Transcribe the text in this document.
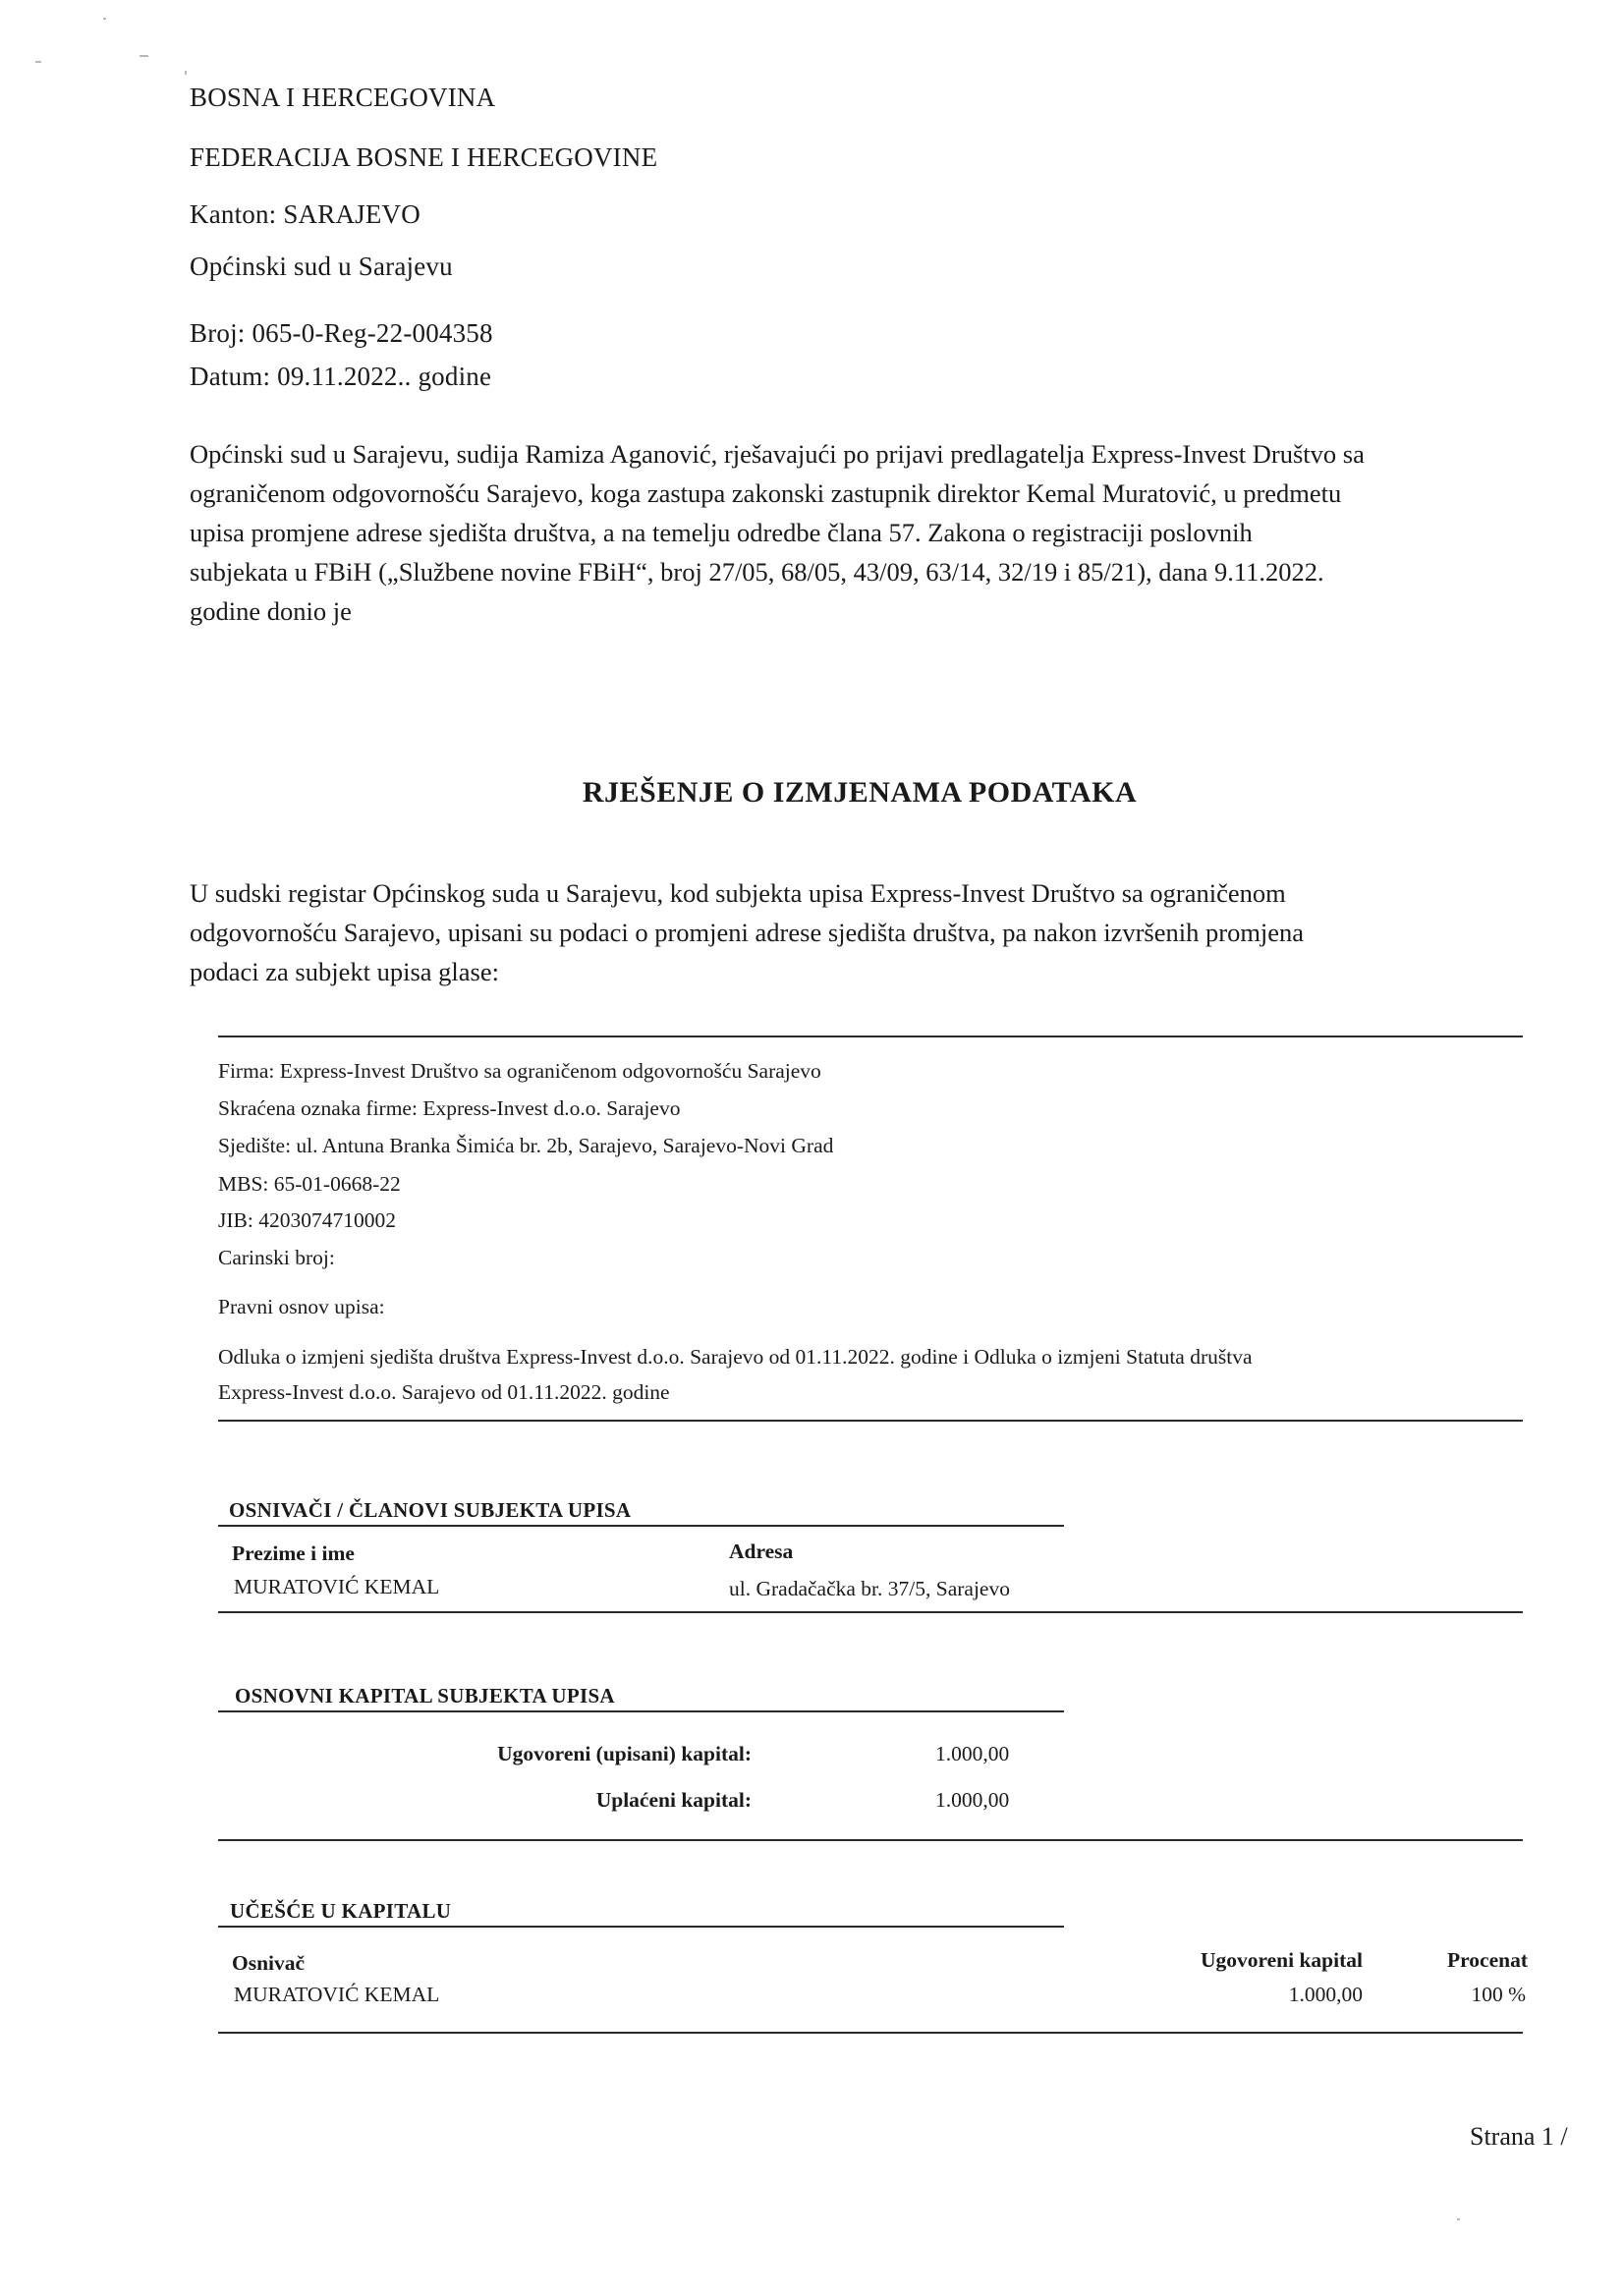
BOSNA I HERCEGOVINA
FEDERACIJA BOSNE I HERCEGOVINE
Kanton: SARAJEVO
Općinski sud u Sarajevu
Broj: 065-0-Reg-22-004358
Datum: 09.11.2022.. godine
Općinski sud u Sarajevu, sudija Ramiza Aganović, rješavajući po prijavi predlagatelja Express-Invest Društvo sa
ograničenom odgovornošću Sarajevo, koga zastupa zakonski zastupnik direktor Kemal Muratović, u predmetu
upisa promjene adrese sjedišta društva, a na temelju odredbe člana 57. Zakona o registraciji poslovnih
subjekata u FBiH („Službene novine FBiH“, broj 27/05, 68/05, 43/09, 63/14, 32/19 i 85/21), dana 9.11.2022.
godine donio je
RJEŠENJE O IZMJENAMA PODATAKA
U sudski registar Općinskog suda u Sarajevu, kod subjekta upisa Express-Invest Društvo sa ograničenom
odgovornošću Sarajevo, upisani su podaci o promjeni adrese sjedišta društva, pa nakon izvršenih promjena
podaci za subjekt upisa glase:
Firma: Express-Invest Društvo sa ograničenom odgovornošću Sarajevo
Skraćena oznaka firme: Express-Invest d.o.o. Sarajevo
Sjedište: ul. Antuna Branka Šimića br. 2b, Sarajevo, Sarajevo-Novi Grad
MBS: 65-01-0668-22
JIB: 4203074710002
Carinski broj:
Pravni osnov upisa:
Odluka o izmjeni sjedišta društva Express-Invest d.o.o. Sarajevo od 01.11.2022. godine i Odluka o izmjeni Statuta društva
Express-Invest d.o.o. Sarajevo od 01.11.2022. godine
OSNIVAČI / ČLANOVI SUBJEKTA UPISA
Prezime i ime	Adresa
MURATOVIĆ KEMAL	ul. Gradačačka br. 37/5, Sarajevo
OSNOVNI KAPITAL SUBJEKTA UPISA
Ugovoreni (upisani) kapital:	1.000,00
Uplaćeni kapital:	1.000,00
UČEŠĆE U KAPITALU
Osnivač	Ugovoreni kapital	Procenat
MURATOVIĆ KEMAL	1.000,00	100 %
Strana 1 /
